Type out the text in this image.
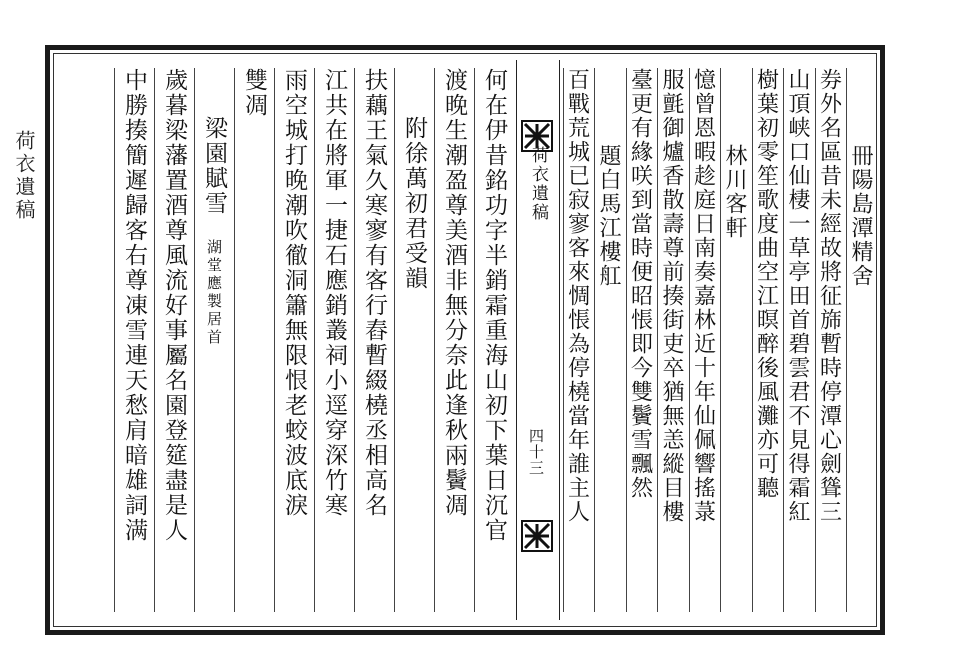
荷衣遺稿	冊陽島潭精舍
券外名區昔未經故將征旆暫時停潭心劍聳三
山頂峡口仙棲一草亭田首碧雲君不見得霜紅
樹葉初零笙歌度曲空江暝醉後風灘亦可聽
林川客軒
憶曾恩暇趁庭日南奏嘉林近十年仙佩響搖菉
服氈御爐香散壽尊前揍街吏卒猶無恙縱目樓
臺更有緣咲到當時便昭悵即今雙鬢雪飄然
荷衣遺稿
四十三
何在伊昔銘功字半銷霜重海山初下葉日沉官
渡晚生潮盈尊美酒非無分奈此逢秋兩鬢凋
附徐萬初君受韻
扶藕王氣久寒寥有客行舂暫綴橈丞相高名
江共在將軍一捷石應銷叢祠小逕穿深竹寒
雨空城打晚潮吹徹洞簫無限恨老蛟波底淚
雙凋
梁園賦雪 湖堂應製居首
歲暮梁藩置酒尊風流好事屬名園登筵盡是人
中勝揍簡遲歸客右尊凍雪連天愁肩暗雄詞满	題白馬江樓舡
百戰荒城已寂寥客來惆悵為停橈當年誰主人
